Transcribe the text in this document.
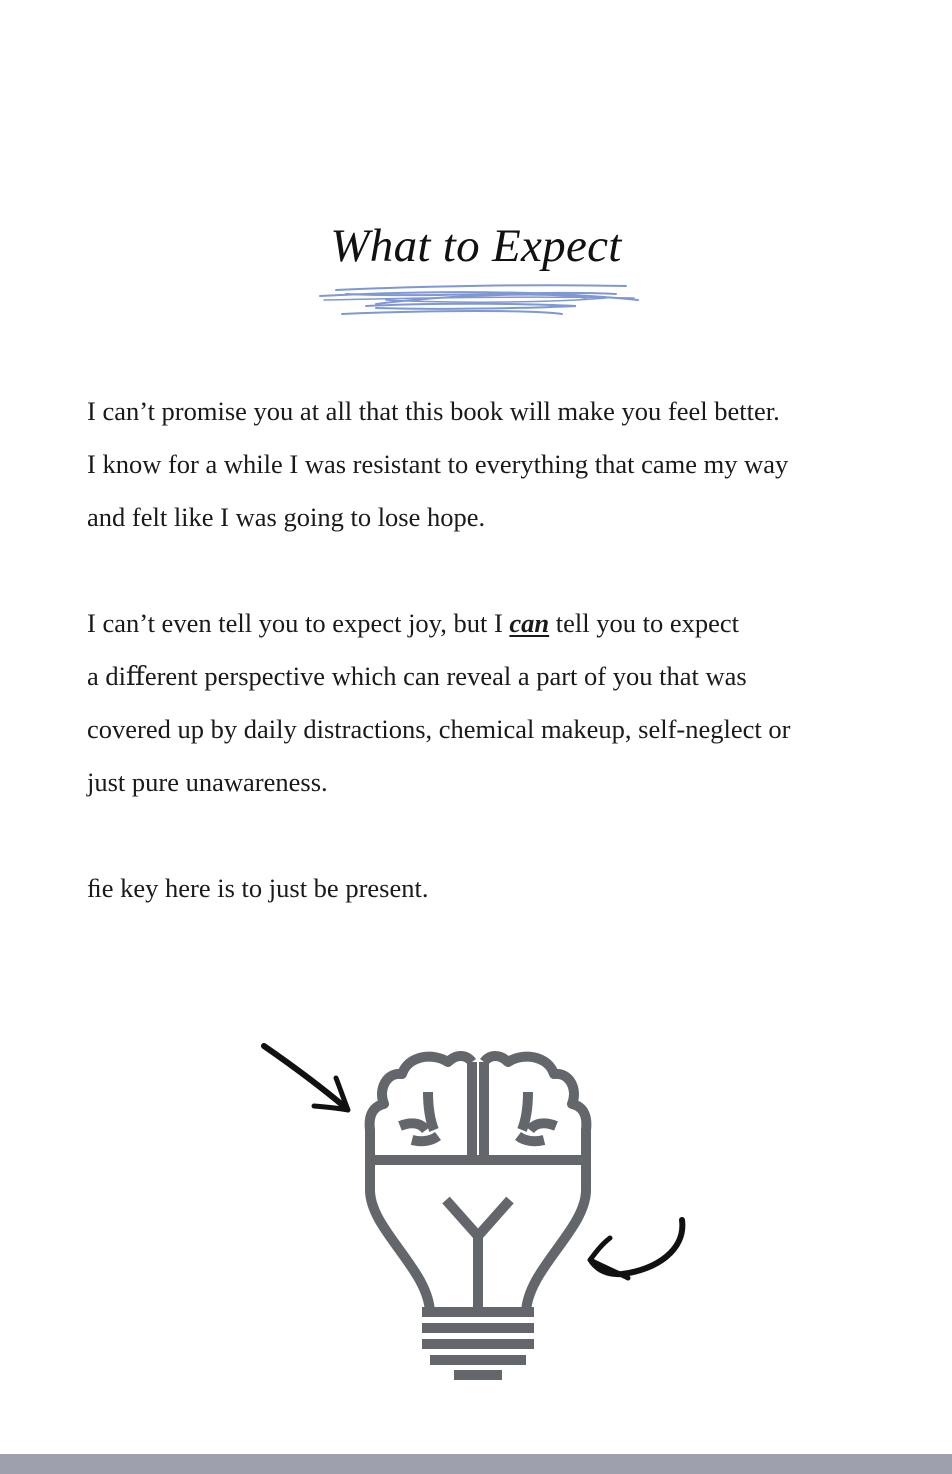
What to Expect

I can’t promise you at all that this book will make you feel better.
I know for a while I was resistant to everything that came my way
and felt like I was going to lose hope.

I can’t even tell you to expect joy, but I can tell you to expect
a diﬀerent perspective which can reveal a part of you that was
covered up by daily distractions, chemical makeup, self-neglect or
just pure unawareness.

ﬁe key here is to just be present.
